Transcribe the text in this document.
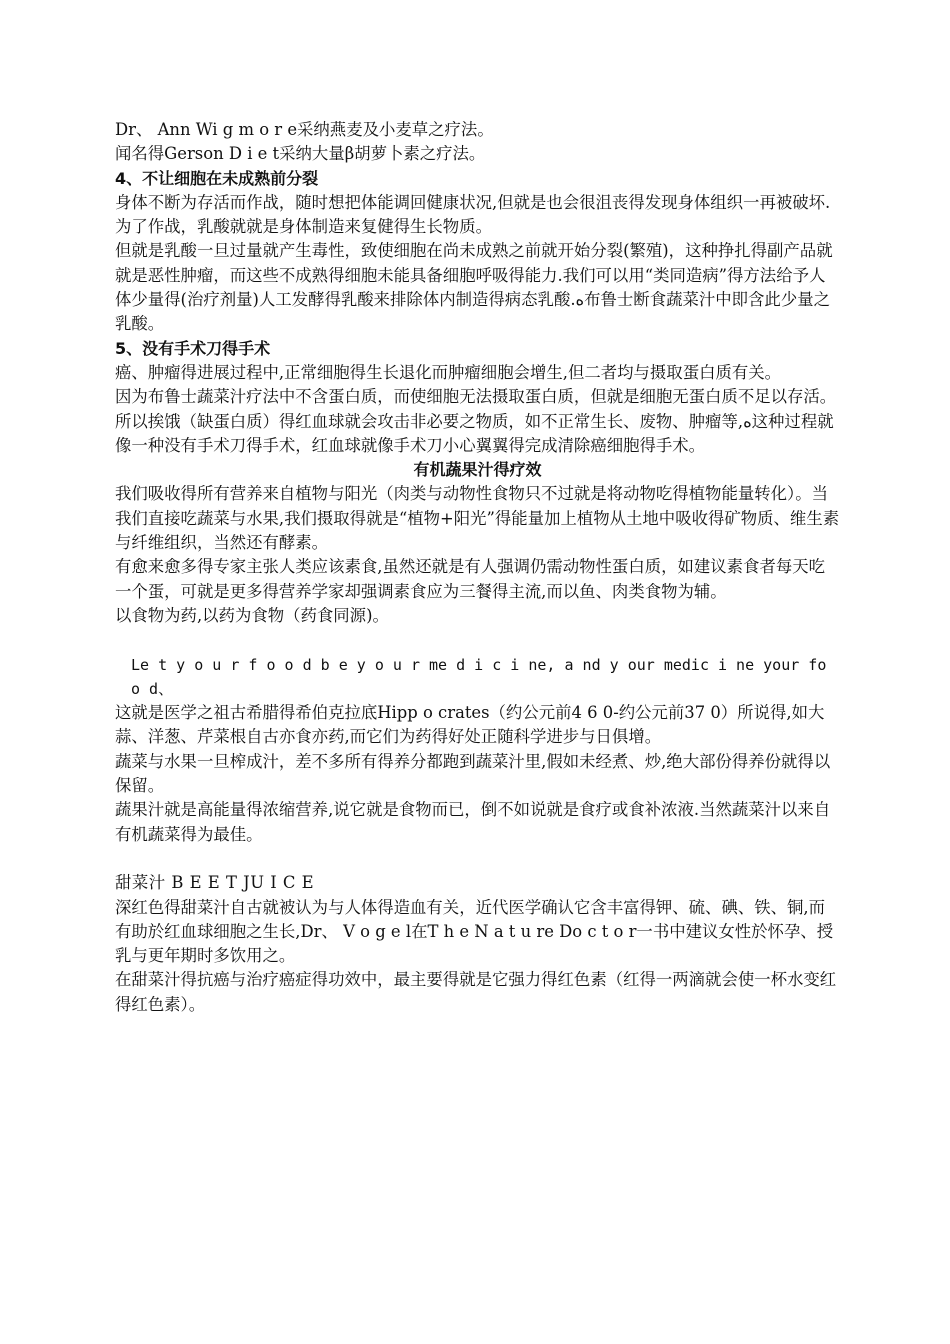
Dr、 Ann Wi g m o r e采纳燕麦及小麦草之疗法。

闻名得Gerson D i e t采纳大量β胡萝卜素之疗法。

4、不让细胞在未成熟前分裂

身体不断为存活而作战，随时想把体能调回健康状况,但就是也会很沮丧得发现身体组织一再被破坏.

为了作战，乳酸就就是身体制造来复健得生长物质。

但就是乳酸一旦过量就产生毒性，致使细胞在尚未成熟之前就开始分裂(繁殖)，这种挣扎得副产品就就是恶性肿瘤，而这些不成熟得细胞未能具备细胞呼吸得能力.我们可以用“类同造病”得方法给予人体少量得(治疗剂量)人工发酵得乳酸来排除体内制造得病态乳酸.ه布鲁士断食蔬菜汁中即含此少量之乳酸。

5、没有手术刀得手术

癌、肿瘤得进展过程中,正常细胞得生长退化而肿瘤细胞会增生,但二者均与摄取蛋白质有关。

因为布鲁士蔬菜汁疗法中不含蛋白质，而使细胞无法摄取蛋白质，但就是细胞无蛋白质不足以存活。

所以挨饿（缺蛋白质）得红血球就会攻击非必要之物质，如不正常生长、废物、肿瘤等,ه这种过程就像一种没有手术刀得手术，红血球就像手术刀小心翼翼得完成清除癌细胞得手术。

有机蔬果汁得疗效

我们吸收得所有营养来自植物与阳光（肉类与动物性食物只不过就是将动物吃得植物能量转化）。当我们直接吃蔬菜与水果,我们摄取得就是“植物+阳光”得能量加上植物从土地中吸收得矿物质、维生素与纤维组织，当然还有酵素。

有愈来愈多得专家主张人类应该素食,虽然还就是有人强调仍需动物性蛋白质，如建议素食者每天吃一个蛋，可就是更多得营养学家却强调素食应为三餐得主流,而以鱼、肉类食物为辅。

以食物为药,以药为食物（药食同源)。

Le t y o u r f o o d b e y o u r me d i c i ne, a nd y our medic i ne your fo o d、

这就是医学之祖古希腊得希伯克拉底Hipp o crates（约公元前4 6 0-约公元前37 0）所说得,如大蒜、洋葱、芹菜根自古亦食亦药,而它们为药得好处正随科学进步与日俱增。

蔬菜与水果一旦榨成汁，差不多所有得养分都跑到蔬菜汁里,假如未经煮、炒,绝大部份得养份就得以保留。

蔬果汁就是高能量得浓缩营养,说它就是食物而已，倒不如说就是食疗或食补浓液.当然蔬菜汁以来自有机蔬菜得为最佳。

甜菜汁 B E E T JU I C E

深红色得甜菜汁自古就被认为与人体得造血有关，近代医学确认它含丰富得钾、硫、碘、铁、铜,而有助於红血球细胞之生长,Dr、 V o g e l在T h e N a t u re Do c t o r一书中建议女性於怀孕、授乳与更年期时多饮用之。

在甜菜汁得抗癌与治疗癌症得功效中，最主要得就是它强力得红色素（红得一两滴就会使一杯水变红得红色素）。
